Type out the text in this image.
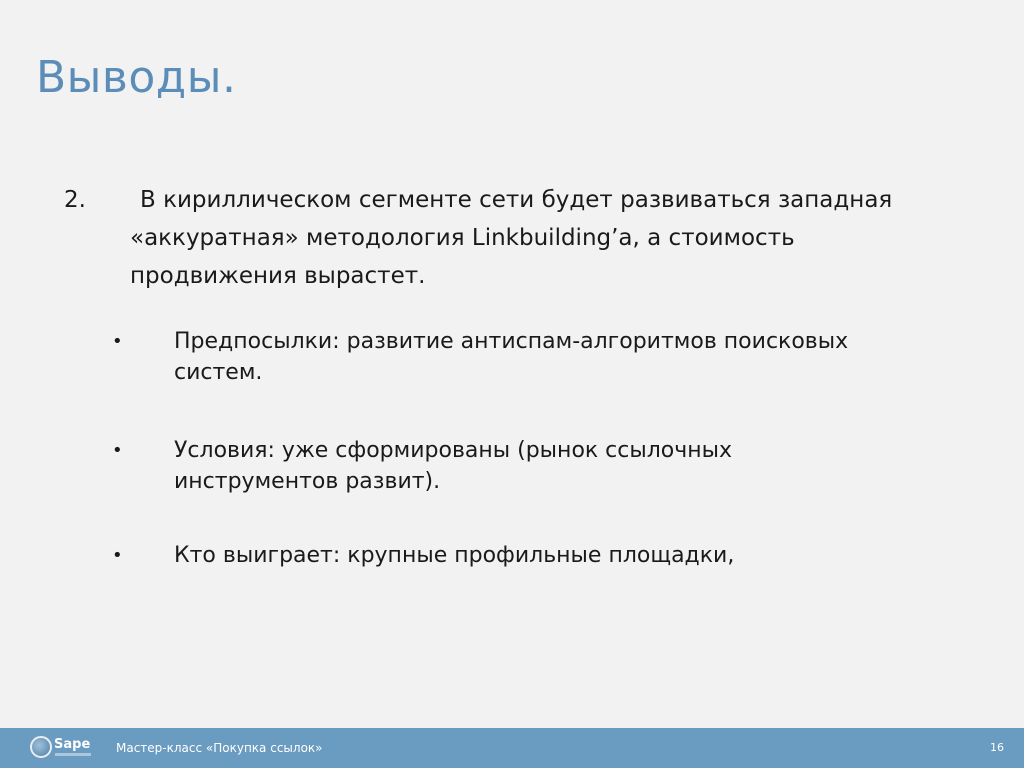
Выводы.
2.	В кириллическом сегменте сети будет развиваться западная «аккуратная» методология Linkbuilding’а, а стоимость продвижения вырастет.
• Предпосылки: развитие антиспам-алгоритмов поисковых систем.
• Условия: уже сформированы (рынок ссылочных инструментов развит).
• Кто выиграет: крупные профильные площадки,
Sape Мастер-класс «Покупка ссылок»	16
